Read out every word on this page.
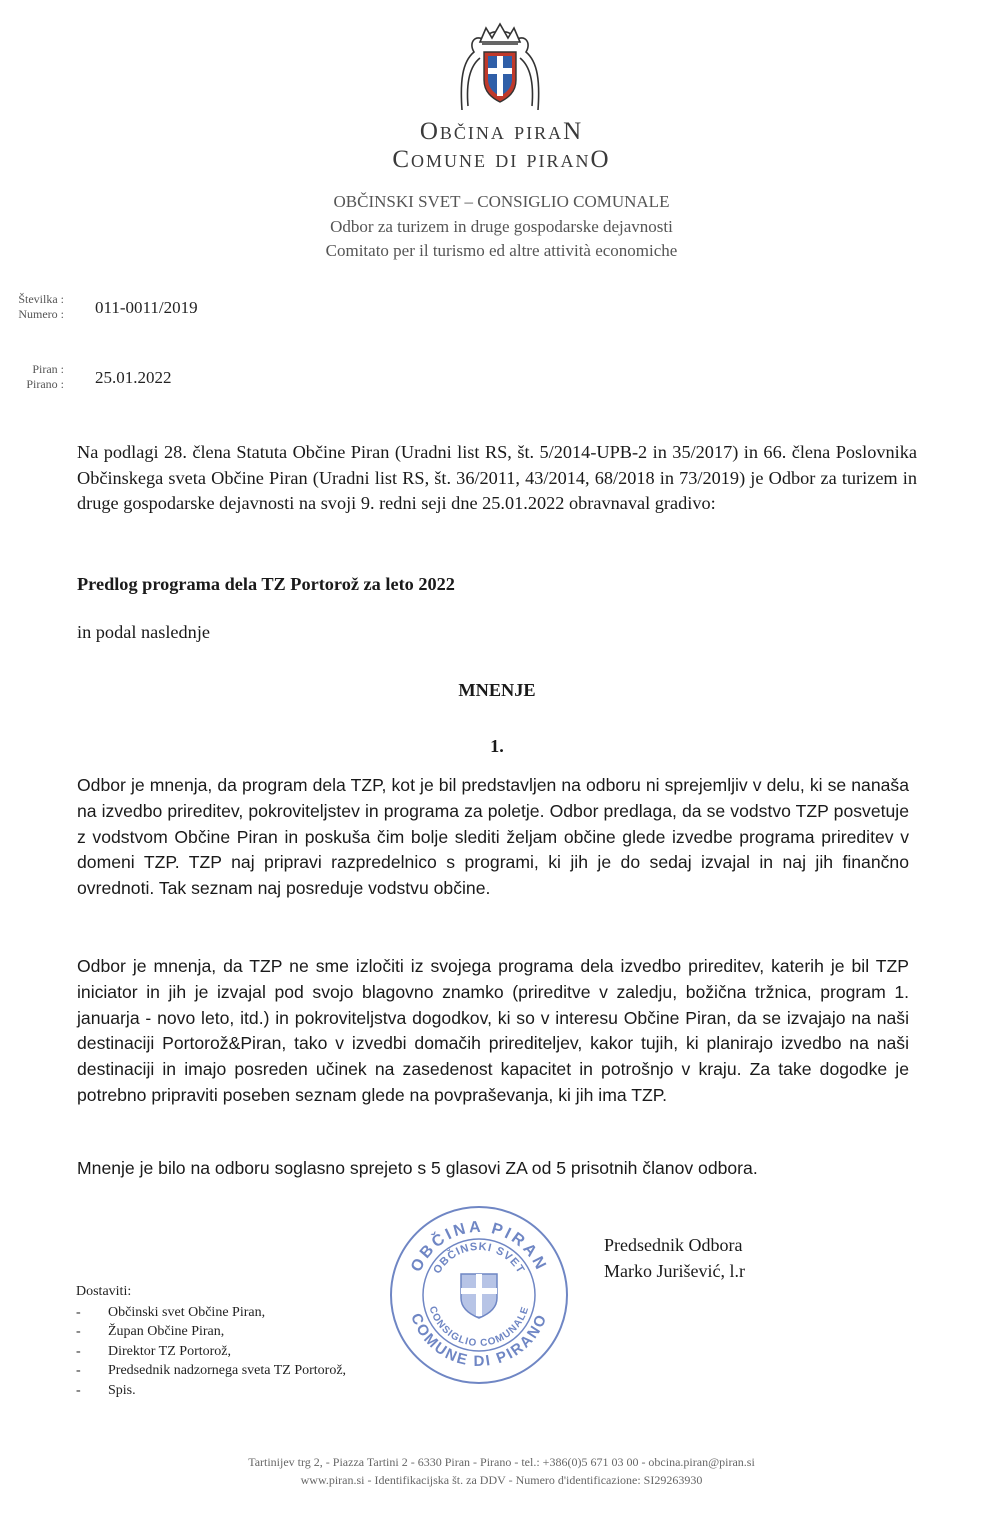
Občina piraN
Comune di piranO
OBČINSKI SVET – CONSIGLIO COMUNALE
Odbor za turizem in druge gospodarske dejavnosti
Comitato per il turismo ed altre attività economiche
Številka :
Numero : 011-0011/2019
Piran :
Pirano : 25.01.2022
Na podlagi 28. člena Statuta Občine Piran (Uradni list RS, št. 5/2014-UPB-2 in 35/2017) in 66. člena Poslovnika Občinskega sveta Občine Piran (Uradni list RS, št. 36/2011, 43/2014, 68/2018 in 73/2019) je Odbor za turizem in druge gospodarske dejavnosti na svoji 9. redni seji dne 25.01.2022 obravnaval gradivo:
Predlog programa dela TZ Portorož za leto 2022
in podal naslednje
MNENJE
1.
Odbor je mnenja, da program dela TZP, kot je bil predstavljen na odboru ni sprejemljiv v delu, ki se nanaša na izvedbo prireditev, pokroviteljstev in programa za poletje. Odbor predlaga, da se vodstvo TZP posvetuje z vodstvom Občine Piran in poskuša čim bolje slediti željam občine glede izvedbe programa prireditev v domeni TZP. TZP naj pripravi razpredelnico s programi, ki jih je do sedaj izvajal in naj jih finančno ovrednoti. Tak seznam naj posreduje vodstvu občine.
Odbor je mnenja, da TZP ne sme izločiti iz svojega programa dela izvedbo prireditev, katerih je bil TZP iniciator in jih je izvajal pod svojo blagovno znamko (prireditve v zaledju, božična tržnica, program 1. januarja - novo leto, itd.) in pokroviteljstva dogodkov, ki so v interesu Občine Piran, da se izvajajo na naši destinaciji Portorož&Piran, tako v izvedbi domačih prirediteljev, kakor tujih, ki planirajo izvedbo na naši destinaciji in imajo posreden učinek na zasedenost kapacitet in potrošnjo v kraju. Za take dogodke je potrebno pripraviti poseben seznam glede na povpraševanja, ki jih ima TZP.
Mnenje je bilo na odboru soglasno sprejeto s 5 glasovi ZA od 5 prisotnih članov odbora.
OBČINA PIRAN
COMUNE DI PIRANO
OBČINSKI SVET
CONSIGLIO COMUNALE
Predsednik Odbora
Marko Jurišević, l.r
Dostaviti:
- Občinski svet Občine Piran,
- Župan Občine Piran,
- Direktor TZ Portorož,
- Predsednik nadzornega sveta TZ Portorož,
- Spis.
Tartinijev trg 2, - Piazza Tartini 2 - 6330 Piran - Pirano - tel.: +386(0)5 671 03 00 - obcina.piran@piran.si
www.piran.si - Identifikacijska št. za DDV - Numero d'identificazione: SI29263930
